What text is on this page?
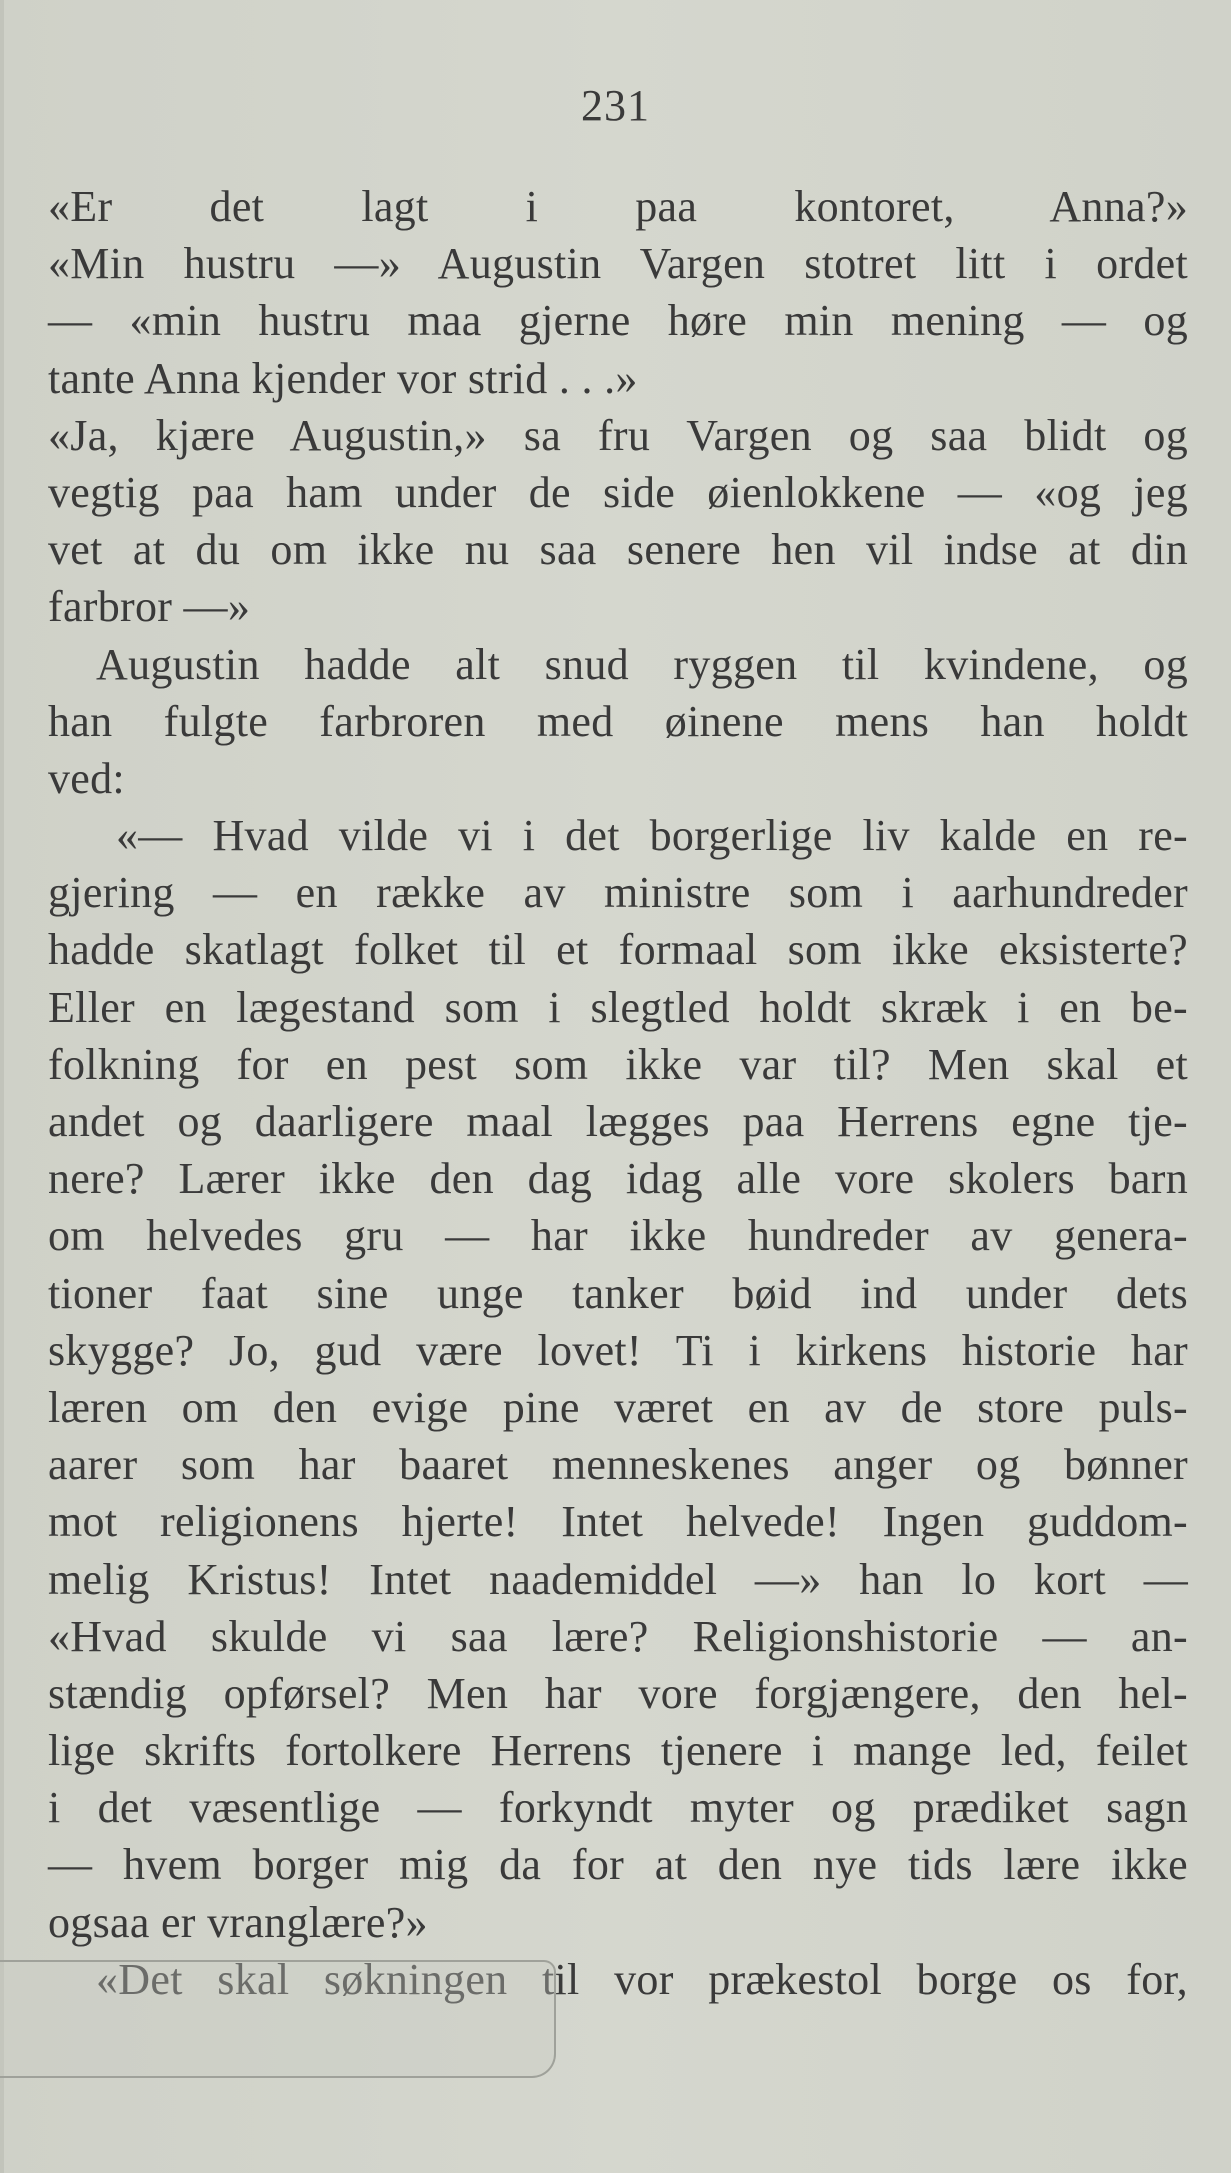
231
«Er det lagt i paa kontoret, Anna?»
«Min hustru —» Augustin Vargen stotret litt i ordet
— «min hustru maa gjerne høre min mening — og
tante Anna kjender vor strid . . .»
«Ja, kjære Augustin,» sa fru Vargen og saa blidt og
vegtig paa ham under de side øienlokkene — «og jeg
vet at du om ikke nu saa senere hen vil indse at din
farbror —»
Augustin hadde alt snud ryggen til kvindene, og
han fulgte farbroren med øinene mens han holdt
ved:
«— Hvad vilde vi i det borgerlige liv kalde en re-
gjering — en række av ministre som i aarhundreder
hadde skatlagt folket til et formaal som ikke eksisterte?
Eller en lægestand som i slegtled holdt skræk i en be-
folkning for en pest som ikke var til? Men skal et
andet og daarligere maal lægges paa Herrens egne tje-
nere? Lærer ikke den dag idag alle vore skolers barn
om helvedes gru — har ikke hundreder av genera-
tioner faat sine unge tanker bøid ind under dets
skygge? Jo, gud være lovet! Ti i kirkens historie har
læren om den evige pine været en av de store puls-
aarer som har baaret menneskenes anger og bønner
mot religionens hjerte! Intet helvede! Ingen guddom-
melig Kristus! Intet naademiddel —» han lo kort —
«Hvad skulde vi saa lære? Religionshistorie — an-
stændig opførsel? Men har vore forgjængere, den hel-
lige skrifts fortolkere Herrens tjenere i mange led, feilet
i det væsentlige — forkyndt myter og prædiket sagn
— hvem borger mig da for at den nye tids lære ikke
ogsaa er vranglære?»
«Det skal søkningen til vor prækestol borge os for,
